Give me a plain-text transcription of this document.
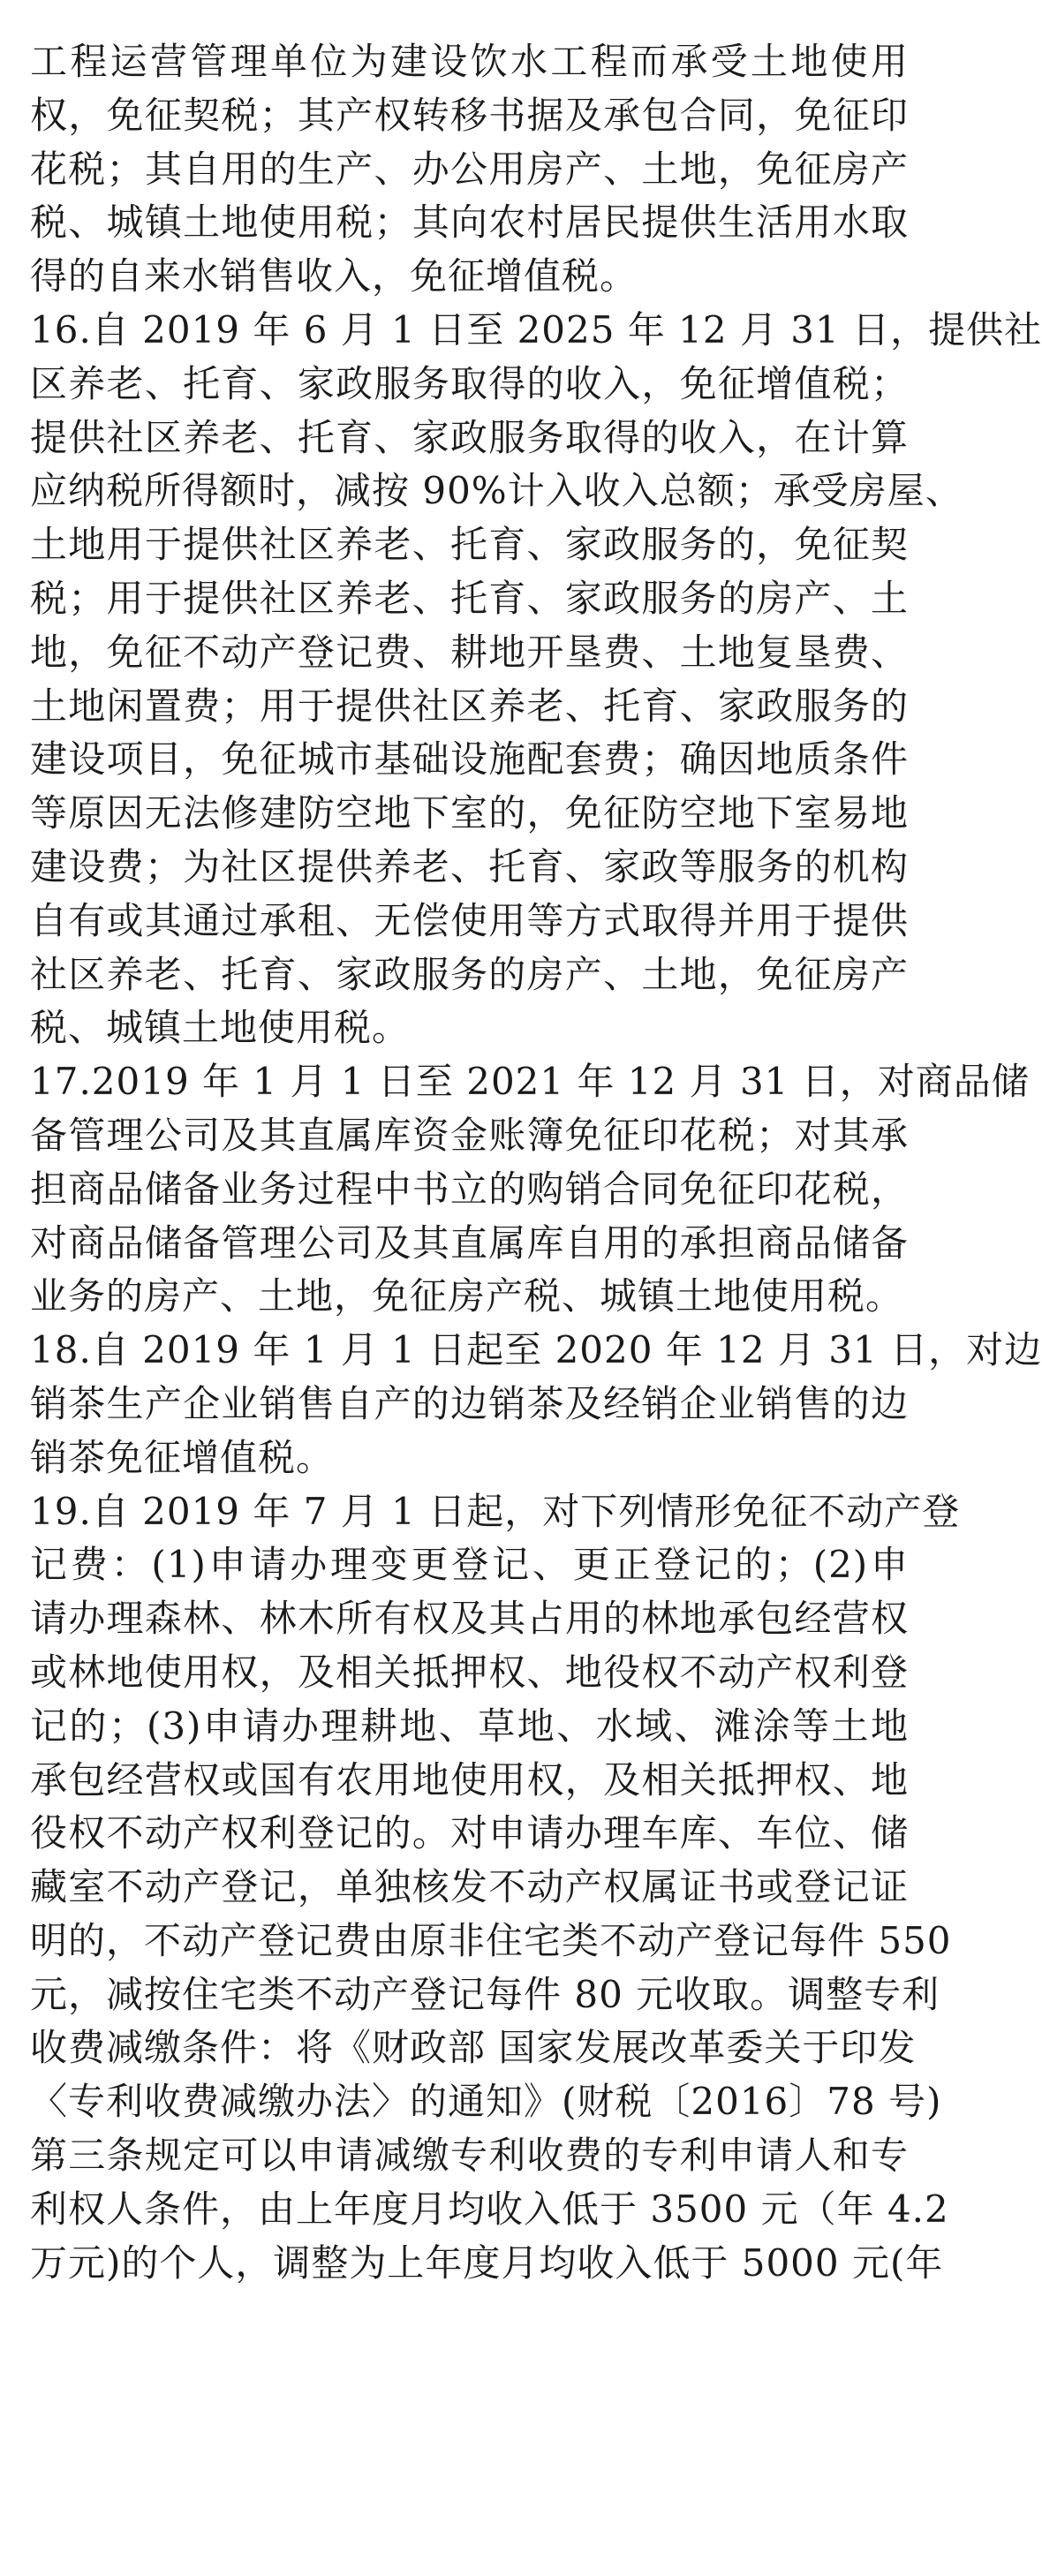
工程运营管理单位为建设饮水工程而承受土地使用
权，免征契税；其产权转移书据及承包合同，免征印
花税；其自用的生产、办公用房产、土地，免征房产
税、城镇土地使用税；其向农村居民提供生活用水取
得的自来水销售收入，免征增值税。
16.自 2019 年 6 月 1 日至 2025 年 12 月 31 日，提供社
区养老、托育、家政服务取得的收入，免征增值税；
提供社区养老、托育、家政服务取得的收入，在计算
应纳税所得额时，减按 90%计入收入总额；承受房屋、
土地用于提供社区养老、托育、家政服务的，免征契
税；用于提供社区养老、托育、家政服务的房产、土
地，免征不动产登记费、耕地开垦费、土地复垦费、
土地闲置费；用于提供社区养老、托育、家政服务的
建设项目，免征城市基础设施配套费；确因地质条件
等原因无法修建防空地下室的，免征防空地下室易地
建设费；为社区提供养老、托育、家政等服务的机构
自有或其通过承租、无偿使用等方式取得并用于提供
社区养老、托育、家政服务的房产、土地，免征房产
税、城镇土地使用税。
17.2019 年 1 月 1 日至 2021 年 12 月 31 日，对商品储
备管理公司及其直属库资金账簿免征印花税；对其承
担商品储备业务过程中书立的购销合同免征印花税，
对商品储备管理公司及其直属库自用的承担商品储备
业务的房产、土地，免征房产税、城镇土地使用税。
18.自 2019 年 1 月 1 日起至 2020 年 12 月 31 日，对边
销茶生产企业销售自产的边销茶及经销企业销售的边
销茶免征增值税。
19.自 2019 年 7 月 1 日起，对下列情形免征不动产登
记费：(1)申请办理变更登记、更正登记的；(2)申
请办理森林、林木所有权及其占用的林地承包经营权
或林地使用权，及相关抵押权、地役权不动产权利登
记的；(3)申请办理耕地、草地、水域、滩涂等土地
承包经营权或国有农用地使用权，及相关抵押权、地
役权不动产权利登记的。对申请办理车库、车位、储
藏室不动产登记，单独核发不动产权属证书或登记证
明的，不动产登记费由原非住宅类不动产登记每件 550
元，减按住宅类不动产登记每件 80 元收取。调整专利
收费减缴条件：将《财政部 国家发展改革委关于印发
〈专利收费减缴办法〉的通知》(财税〔2016〕78 号)
第三条规定可以申请减缴专利收费的专利申请人和专
利权人条件，由上年度月均收入低于 3500 元（年 4.2
万元)的个人，调整为上年度月均收入低于 5000 元(年
